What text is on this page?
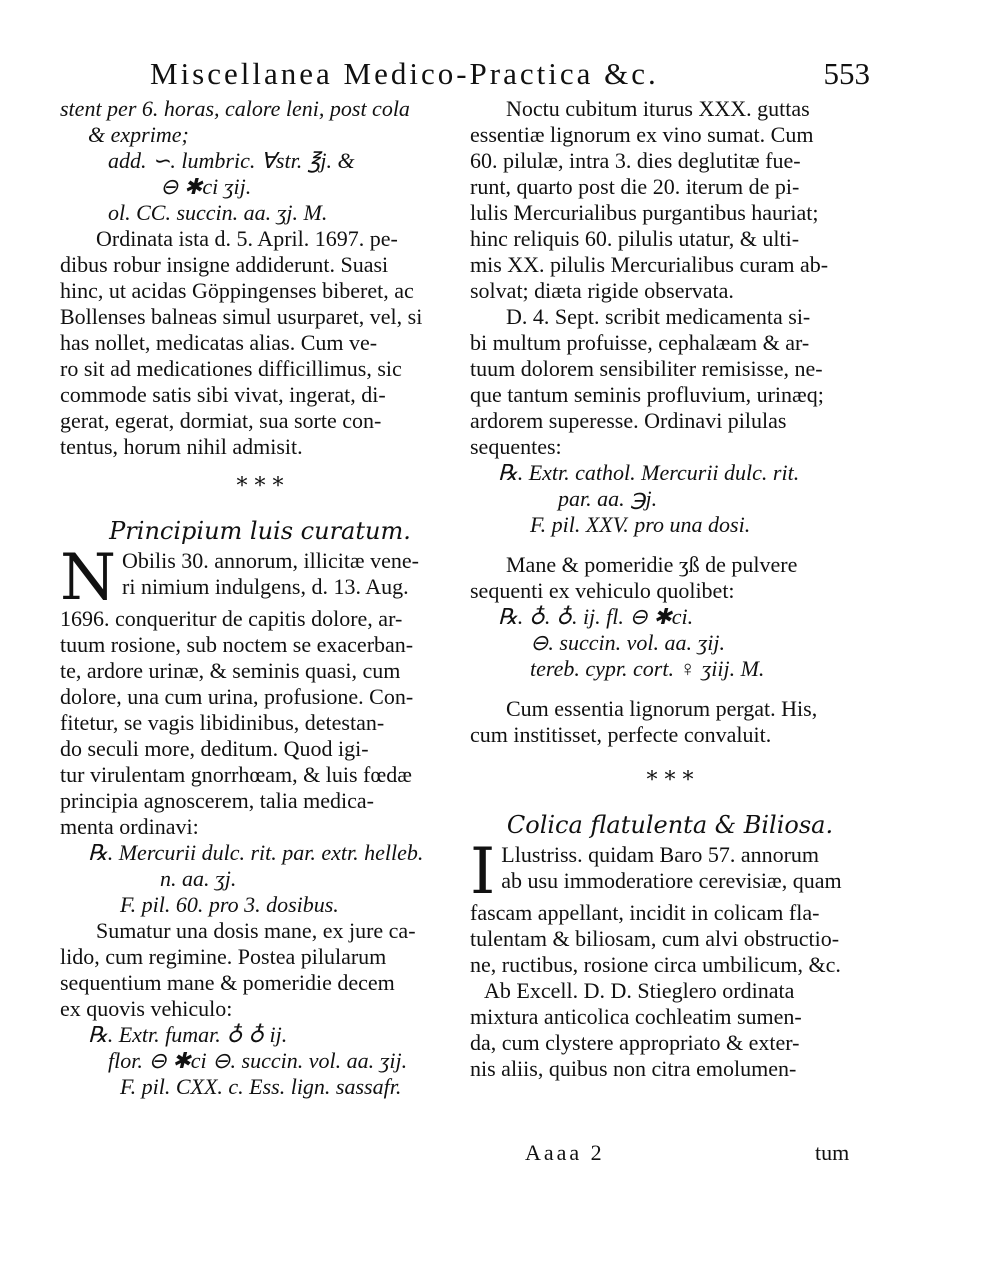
Miscellanea Medico-Practica &c.	553
stent per 6. horas, calore leni, post cola
& exprime;
add. ∽. lumbric. ∀str. ℥j. &
⊖ ✱ci ʒij.
ol. CC. succin. aa. ʒj. M.
Ordinata ista d. 5. April. 1697. pe-
dibus robur insigne addiderunt. Suasi
hinc, ut acidas Göppingenses biberet, ac
Bollenses balneas simul usurparet, vel, si
has nollet, medicatas alias. Cum ve-
ro sit ad medicationes difficillimus, sic
commode satis sibi vivat, ingerat, di-
gerat, egerat, dormiat, sua sorte con-
tentus, horum nihil admisit.
* * *
Principium luis curatum.
N Obilis 30. annorum, illicitæ vene-
ri nimium indulgens, d. 13. Aug.
1696. conqueritur de capitis dolore, ar-
tuum rosione, sub noctem se exacerban-
te, ardore urinæ, & seminis quasi, cum
dolore, una cum urina, profusione. Con-
fitetur, se vagis libidinibus, detestan-
do seculi more, deditum. Quod igi-
tur virulentam gnorrhœam, & luis fœdæ
principia agnoscerem, talia medica-
menta ordinavi:
℞. Mercurii dulc. rit. par. extr. helleb.
n. aa. ʒj.
F. pil. 60. pro 3. dosibus.
Sumatur una dosis mane, ex jure ca-
lido, cum regimine. Postea pilularum
sequentium mane & pomeridie decem
ex quovis vehiculo:
℞. Extr. fumar. ♁ ♁ ij.
flor. ⊖ ✱ci ⊖. succin. vol. aa. ʒij.
F. pil. CXX. c. Ess. lign. sassafr.
Noctu cubitum iturus XXX. guttas
essentiæ lignorum ex vino sumat. Cum
60. pilulæ, intra 3. dies deglutitæ fue-
runt, quarto post die 20. iterum de pi-
lulis Mercurialibus purgantibus hauriat;
hinc reliquis 60. pilulis utatur, & ulti-
mis XX. pilulis Mercurialibus curam ab-
solvat; diæta rigide observata.
D. 4. Sept. scribit medicamenta si-
bi multum profuisse, cephalæam & ar-
tuum dolorem sensibiliter remisisse, ne-
que tantum seminis profluvium, urinæq;
ardorem superesse. Ordinavi pilulas
sequentes:
℞. Extr. cathol. Mercurii dulc. rit.
par. aa. ℈j.
F. pil. XXV. pro una dosi.
Mane & pomeridie ʒß de pulvere
sequenti ex vehiculo quolibet:
℞. ♁. ♁. ij. fl. ⊖ ✱ci.
⊖. succin. vol. aa. ʒij.
tereb. cypr. cort. ♀ ʒiij. M.
Cum essentia lignorum pergat. His,
cum institisset, perfecte convaluit.
* * *
Colica flatulenta & Biliosa.
I Llustriss. quidam Baro 57. annorum
ab usu immoderatiore cerevisiæ, quam
fascam appellant, incidit in colicam fla-
tulentam & biliosam, cum alvi obstructio-
ne, ructibus, rosione circa umbilicum, &c.
Ab Excell. D. D. Stieglero ordinata
mixtura anticolica cochleatim sumen-
da, cum clystere appropriato & exter-
nis aliis, quibus non citra emolumen-
Aaaa 2	tum
